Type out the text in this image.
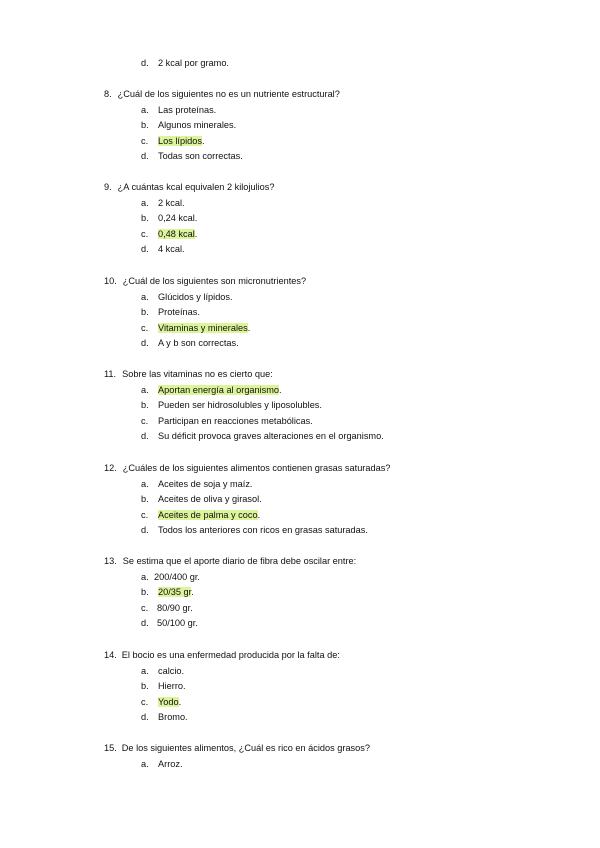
d. 2 kcal por gramo.
8. ¿Cuál de los siguientes no es un nutriente estructural?
a. Las proteínas.
b. Algunos minerales.
c. Los lípidos.
d. Todas son correctas.
9. ¿A cuántas kcal equivalen 2 kilojulios?
a. 2 kcal.
b. 0,24 kcal.
c. 0,48 kcal.
d. 4 kcal.
10. ¿Cuál de los siguientes son micronutrientes?
a. Glúcidos y lípidos.
b. Proteínas.
c. Vitaminas y minerales.
d. A y b son correctas.
11. Sobre las vitaminas no es cierto que:
a. Aportan energía al organismo.
b. Pueden ser hidrosolubles y liposolubles.
c. Participan en reacciones metabólicas.
d. Su déficit provoca graves alteraciones en el organismo.
12. ¿Cuáles de los siguientes alimentos contienen grasas saturadas?
a. Aceites de soja y maíz.
b. Aceites de oliva y girasol.
c. Aceites de palma y coco.
d. Todos los anteriores con ricos en grasas saturadas.
13. Se estima que el aporte diario de fibra debe oscilar entre:
a. 200/400 gr.
b. 20/35 gr.
c. 80/90 gr.
d. 50/100 gr.
14. El bocio es una enfermedad producida por la falta de:
a. calcio.
b. Hierro.
c. Yodo.
d. Bromo.
15. De los siguientes alimentos, ¿Cuál es rico en ácidos grasos?
a. Arroz.
